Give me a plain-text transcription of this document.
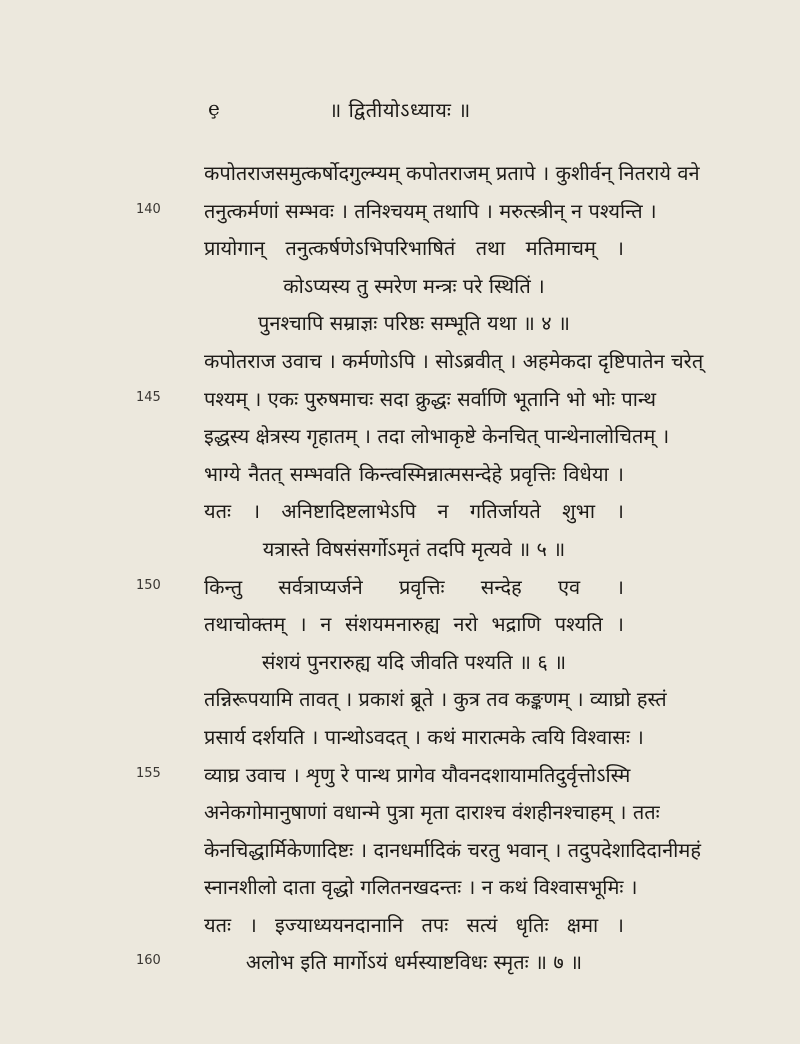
ȩ	॥ द्वितीयोऽध्यायः ॥
कपोतराजसमुत्कर्षोदगुल्म्यम् कपोतराजम् प्रतापे । कुशीर्वन् नितराये वने
140 तनुत्कर्मणां सम्भवः । तनिश्चयम् तथापि । मरुत्स्त्रीन् न पश्यन्ति ।
प्रायोगान् तनुत्कर्षणेऽभिपरिभाषितं तथा मतिमाचम् ।
कोऽप्यस्य तु स्मरेण मन्त्रः परे स्थितिं ।
पुनश्चापि सम्राज्ञः परिष्ठः सम्भूति यथा ॥ ४ ॥
कपोतराज उवाच । कर्मणोऽपि । सोऽब्रवीत् । अहमेकदा दृष्टिपातेन चरेत्
145 पश्यम् । एकः पुरुषमाचः सदा क्रुद्धः सर्वाणि भूतानि भो भोः पान्थ
इद्धस्य क्षेत्रस्य गृहातम् । तदा लोभाकृष्टे केनचित् पान्थेनालोचितम् ।
भाग्ये नैतत् सम्भवति किन्त्वस्मिन्नात्मसन्देहे प्रवृत्तिः विधेया ।
यतः । अनिष्टादिष्टलाभेऽपि न गतिर्जायते शुभा ।
यत्रास्ते विषसंसर्गोऽमृतं तदपि मृत्यवे ॥ ५ ॥
150 किन्तु सर्वत्राप्यर्जने प्रवृत्तिः सन्देह एव ।
तथाचोक्तम् । न संशयमनारुह्य नरो भद्राणि पश्यति ।
संशयं पुनरारुह्य यदि जीवति पश्यति ॥ ६ ॥
तन्निरूपयामि तावत् । प्रकाशं ब्रूते । कुत्र तव कङ्कणम् । व्याघ्रो हस्तं
प्रसार्य दर्शयति । पान्थोऽवदत् । कथं मारात्मके त्वयि विश्वासः ।
155 व्याघ्र उवाच । शृणु रे पान्थ प्रागेव यौवनदशायामतिदुर्वृत्तोऽस्मि
अनेकगोमानुषाणां वधान्मे पुत्रा मृता दाराश्च वंशहीनश्चाहम् । ततः
केनचिद्धार्मिकेणादिष्टः । दानधर्मादिकं चरतु भवान् । तदुपदेशादिदानीमहं
स्नानशीलो दाता वृद्धो गलितनखदन्तः । न कथं विश्वासभूमिः ।
यतः । इज्याध्ययनदानानि तपः सत्यं धृतिः क्षमा ।
160	अलोभ इति मार्गोऽयं धर्मस्याष्टविधः स्मृतः ॥ ७ ॥
